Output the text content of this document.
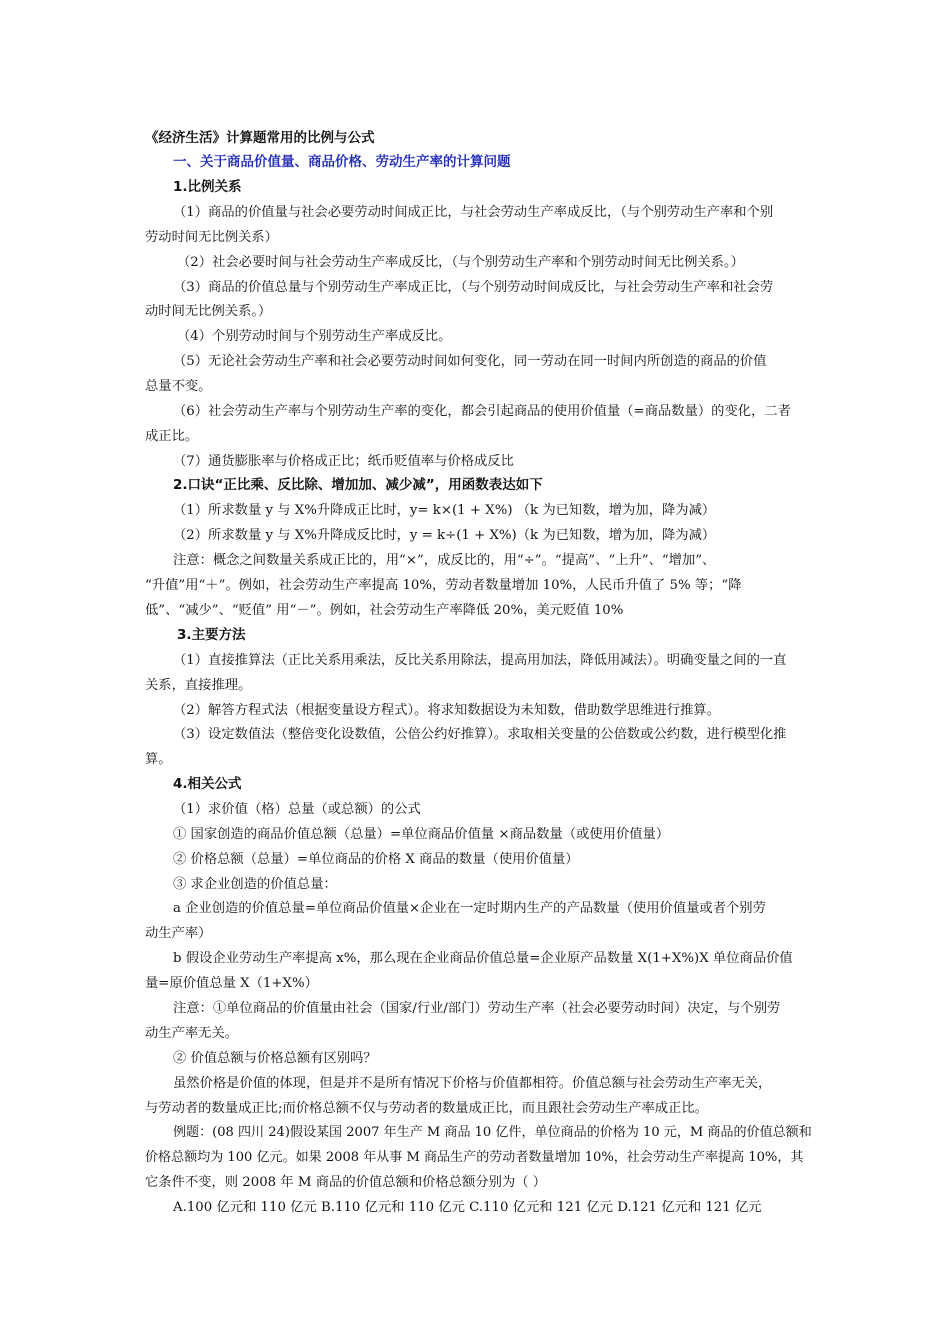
《经济生活》计算题常用的比例与公式
一、关于商品价值量、商品价格、劳动生产率的计算问题
1.比例关系
（1）商品的价值量与社会必要劳动时间成正比，与社会劳动生产率成反比，（与个别劳动生产率和个别
劳动时间无比例关系）
（2）社会必要时间与社会劳动生产率成反比，（与个别劳动生产率和个别劳动时间无比例关系。）
（3）商品的价值总量与个别劳动生产率成正比，（与个别劳动时间成反比，与社会劳动生产率和社会劳
动时间无比例关系。）
（4）个别劳动时间与个别劳动生产率成反比。
（5）无论社会劳动生产率和社会必要劳动时间如何变化，同一劳动在同一时间内所创造的商品的价值
总量不变。
（6）社会劳动生产率与个别劳动生产率的变化，都会引起商品的使用价值量（=商品数量）的变化，二者
成正比。
（7）通货膨胀率与价格成正比；纸币贬值率与价格成反比
2.口诀“正比乘、反比除、增加加、减少减”，用函数表达如下
（1）所求数量 y 与 X%升降成正比时，y= k×(1 + X%) （k 为已知数，增为加，降为减）
（2）所求数量 y 与 X%升降成反比时，y = k÷(1 + X%)（k 为已知数，增为加，降为减）
注意：概念之间数量关系成正比的，用“×”，成反比的，用“÷”。“提高”、“上升”、“增加”、
“升值”用“＋”。例如，社会劳动生产率提高 10%，劳动者数量增加 10%，人民币升值了 5% 等；“降
低”、“减少”、“贬值” 用“－”。例如，社会劳动生产率降低 20%，美元贬值 10%
3.主要方法
（1）直接推算法（正比关系用乘法，反比关系用除法，提高用加法，降低用减法）。明确变量之间的一直
关系，直接推理。
（2）解答方程式法（根据变量设方程式）。将求知数据设为未知数，借助数学思维进行推算。
（3）设定数值法（整倍变化设数值，公倍公约好推算）。求取相关变量的公倍数或公约数，进行模型化推
算。
4.相关公式
（1）求价值（格）总量（或总额）的公式
① 国家创造的商品价值总额（总量）=单位商品价值量 ×商品数量（或使用价值量）
② 价格总额（总量）=单位商品的价格 X 商品的数量（使用价值量）
③ 求企业创造的价值总量：
a 企业创造的价值总量=单位商品价值量×企业在一定时期内生产的产品数量（使用价值量或者个别劳
动生产率）
b 假设企业劳动生产率提高 x%，那么现在企业商品价值总量=企业原产品数量 X(1+X%)X 单位商品价值
量=原价值总量 X（1+X%）
注意：①单位商品的价值量由社会（国家/行业/部门）劳动生产率（社会必要劳动时间）决定，与个别劳
动生产率无关。
② 价值总额与价格总额有区别吗？
虽然价格是价值的体现，但是并不是所有情况下价格与价值都相符。价值总额与社会劳动生产率无关，
与劳动者的数量成正比;而价格总额不仅与劳动者的数量成正比，而且跟社会劳动生产率成正比。
例题：(08 四川 24)假设某国 2007 年生产 M 商品 10 亿件，单位商品的价格为 10 元，M 商品的价值总额和
价格总额均为 100 亿元。如果 2008 年从事 M 商品生产的劳动者数量增加 10%，社会劳动生产率提高 10%，其
它条件不变，则 2008 年 M 商品的价值总额和价格总额分别为（ ）
A.100 亿元和 110 亿元 B.110 亿元和 110 亿元 C.110 亿元和 121 亿元 D.121 亿元和 121 亿元
